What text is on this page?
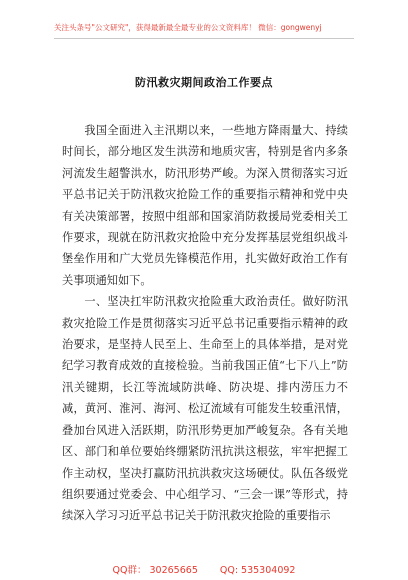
关注头条号"公文研究"，获得最新最全最专业的公文资料库！ 微信：gongwenyj
防汛救灾期间政治工作要点

我国全面进入主汛期以来，一些地方降雨量大、持续时间长，部分地区发生洪涝和地质灾害，特别是省内多条河流发生超警洪水，防汛形势严峻。为深入贯彻落实习近平总书记关于防汛救灾抢险工作的重要指示精神和党中央有关决策部署，按照中组部和国家消防救援局党委相关工作要求，现就在防汛救灾抢险中充分发挥基层党组织战斗堡垒作用和广大党员先锋模范作用，扎实做好政治工作有关事项通知如下。

一、坚决扛牢防汛救灾抢险重大政治责任。做好防汛救灾抢险工作是贯彻落实习近平总书记重要指示精神的政治要求，是坚持人民至上、生命至上的具体举措，是对党纪学习教育成效的直接检验。当前我国正值“七下八上”防汛关键期，长江等流域防洪峰、防决堤、排内涝压力不减，黄河、淮河、海河、松辽流域有可能发生较重汛情，叠加台风进入活跃期，防汛形势更加严峻复杂。各有关地区、部门和单位要始终绷紧防汛抗洪这根弦，牢牢把握工作主动权，坚决打赢防汛抗洪救灾这场硬仗。队伍各级党组织要通过党委会、中心组学习、“三会一课”等形式，持续深入学习习近平总书记关于防汛救灾抢险的重要指示

QQ群： 30265665 QQ: 535304092
